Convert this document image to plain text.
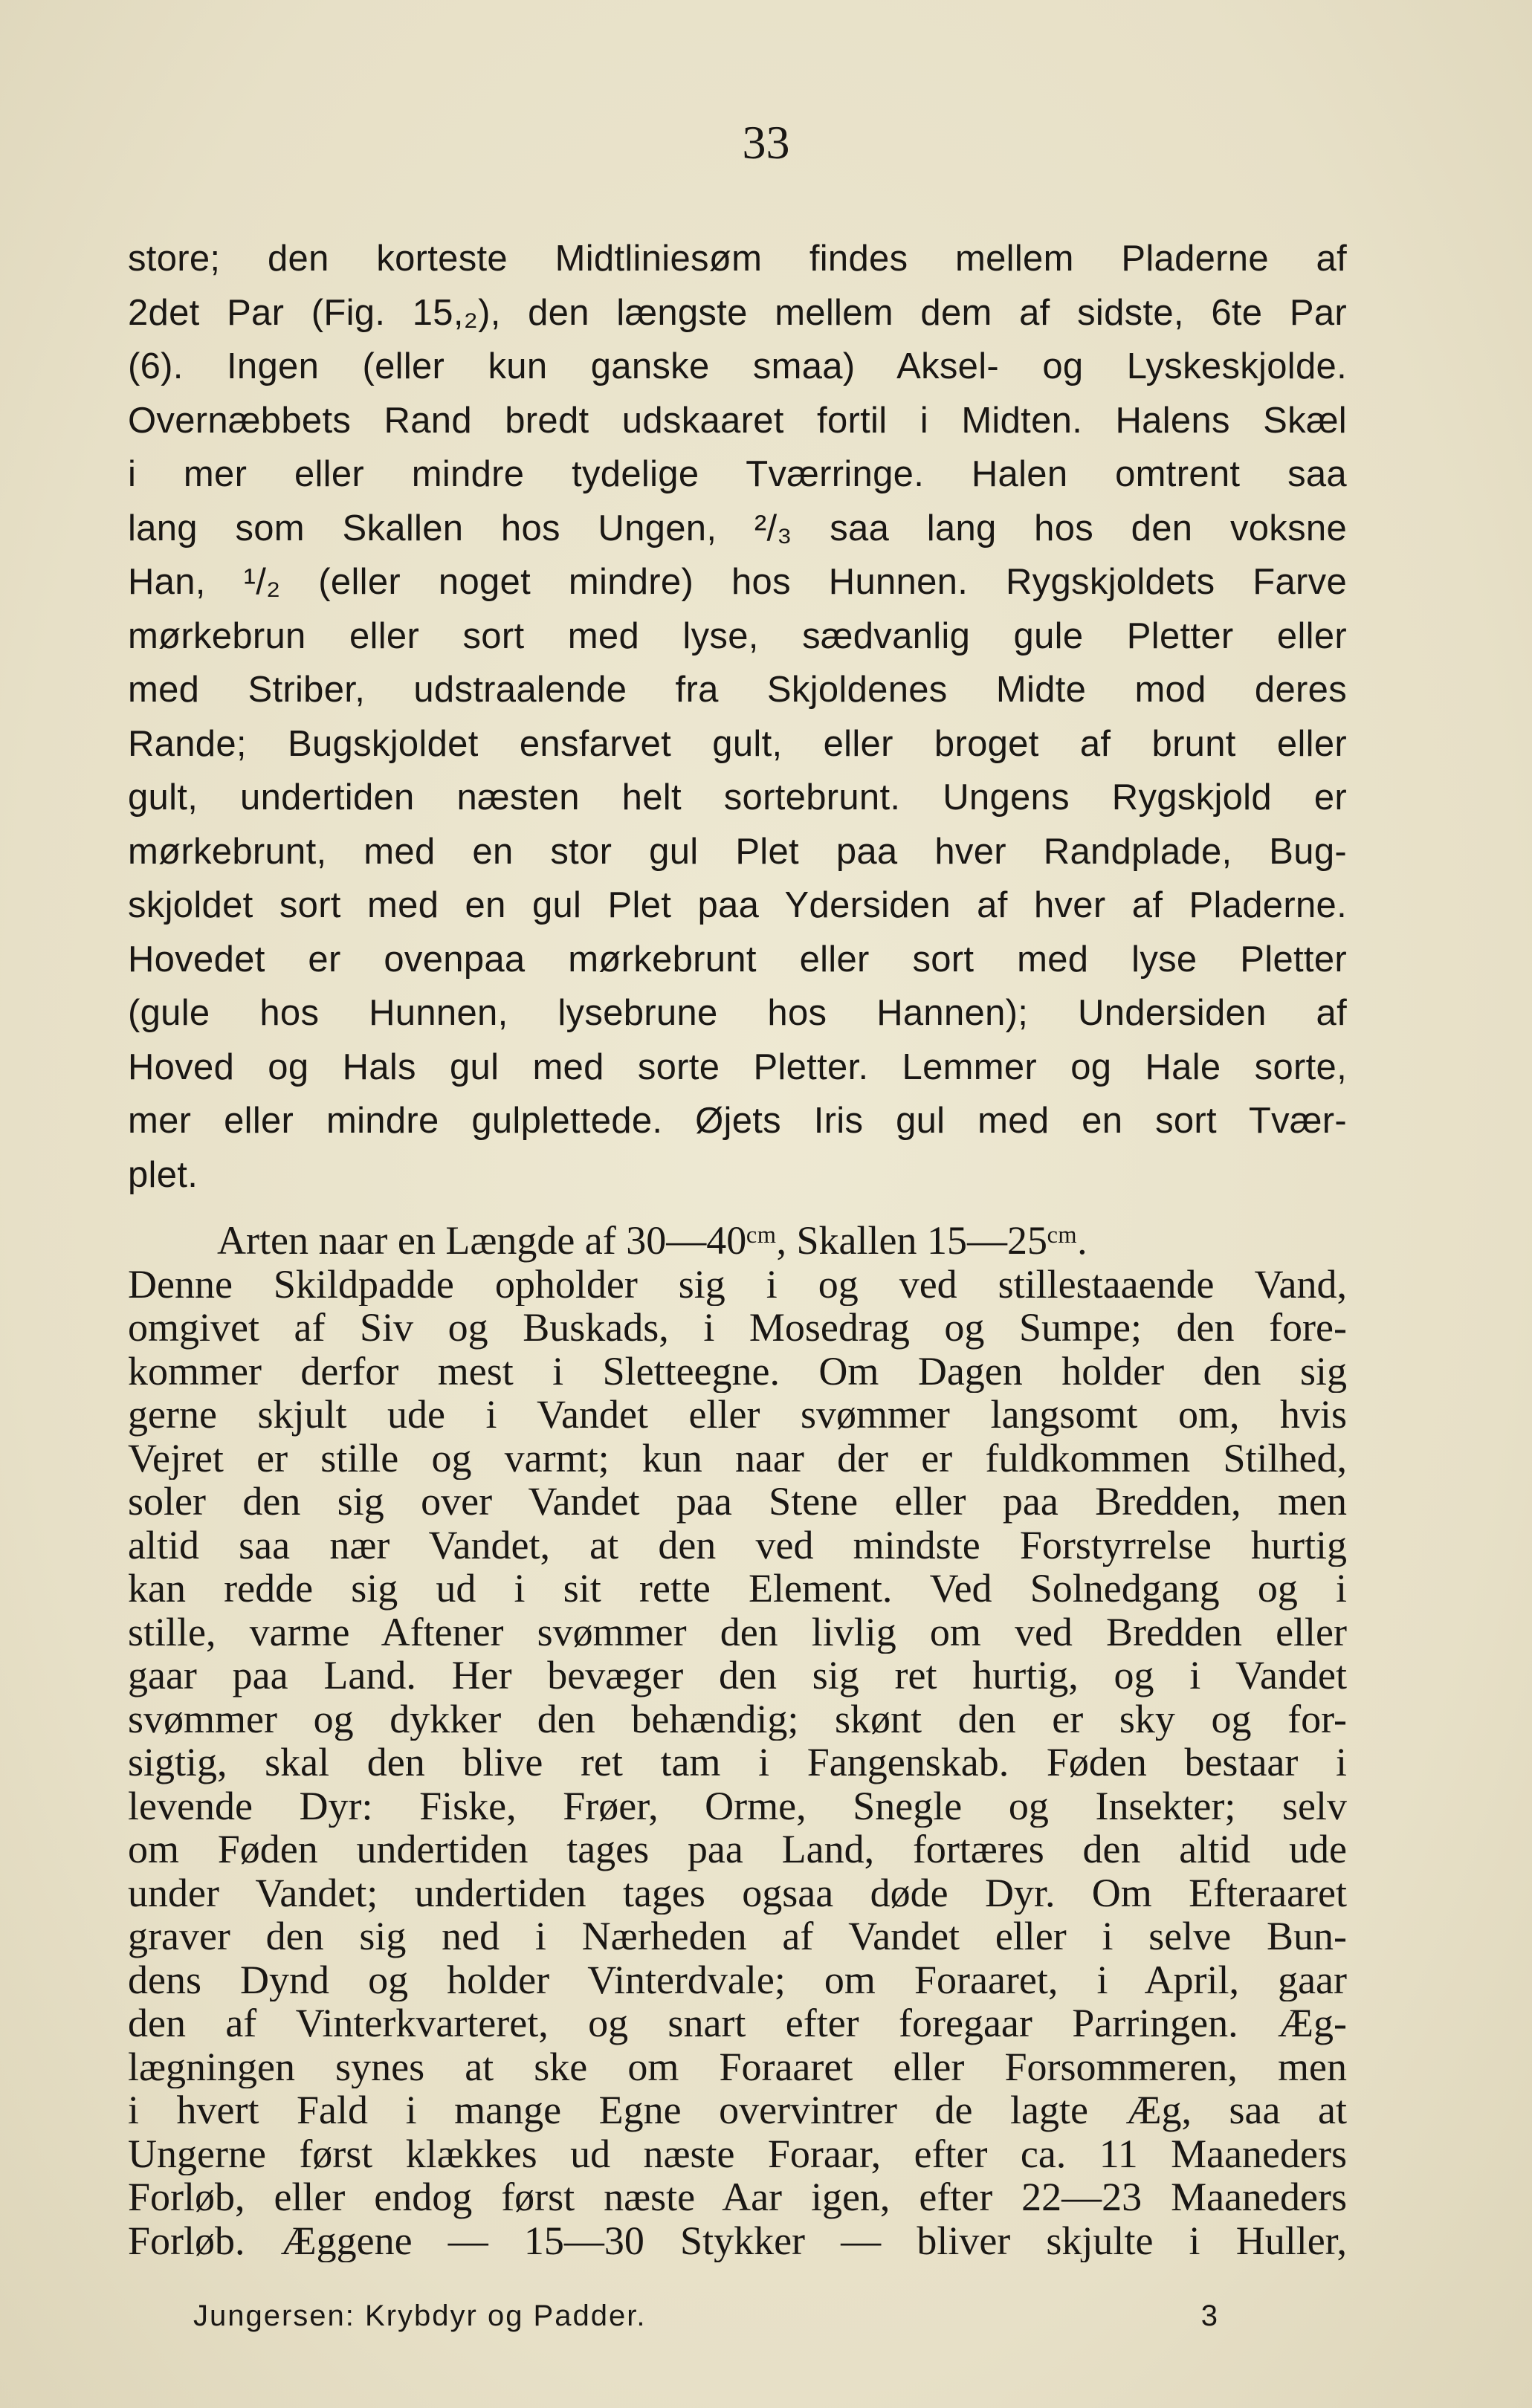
33
store; den korteste Midtliniesøm findes mellem Pladerne af
2det Par (Fig. 15,₂), den længste mellem dem af sidste, 6te Par
(6). Ingen (eller kun ganske smaa) Aksel- og Lyskeskjolde.
Overnæbbets Rand bredt udskaaret fortil i Midten. Halens Skæl
i mer eller mindre tydelige Tværringe. Halen omtrent saa
lang som Skallen hos Ungen, ²/₃ saa lang hos den voksne
Han, ¹/₂ (eller noget mindre) hos Hunnen. Rygskjoldets Farve
mørkebrun eller sort med lyse, sædvanlig gule Pletter eller
med Striber, udstraalende fra Skjoldenes Midte mod deres
Rande; Bugskjoldet ensfarvet gult, eller broget af brunt eller
gult, undertiden næsten helt sortebrunt. Ungens Rygskjold er
mørkebrunt, med en stor gul Plet paa hver Randplade, Bug-
skjoldet sort med en gul Plet paa Ydersiden af hver af Pladerne.
Hovedet er ovenpaa mørkebrunt eller sort med lyse Pletter
(gule hos Hunnen, lysebrune hos Hannen); Undersiden af
Hoved og Hals gul med sorte Pletter. Lemmer og Hale sorte,
mer eller mindre gulplettede. Øjets Iris gul med en sort Tvær-
plet.
Arten naar en Længde af 30—40ᶜᵐ, Skallen 15—25ᶜᵐ.
Denne Skildpadde opholder sig i og ved stillestaaende Vand,
omgivet af Siv og Buskads, i Mosedrag og Sumpe; den fore-
kommer derfor mest i Sletteegne. Om Dagen holder den sig
gerne skjult ude i Vandet eller svømmer langsomt om, hvis
Vejret er stille og varmt; kun naar der er fuldkommen Stilhed,
soler den sig over Vandet paa Stene eller paa Bredden, men
altid saa nær Vandet, at den ved mindste Forstyrrelse hurtig
kan redde sig ud i sit rette Element. Ved Solnedgang og i
stille, varme Aftener svømmer den livlig om ved Bredden eller
gaar paa Land. Her bevæger den sig ret hurtig, og i Vandet
svømmer og dykker den behændig; skønt den er sky og for-
sigtig, skal den blive ret tam i Fangenskab. Føden bestaar i
levende Dyr: Fiske, Frøer, Orme, Snegle og Insekter; selv
om Føden undertiden tages paa Land, fortæres den altid ude
under Vandet; undertiden tages ogsaa døde Dyr. Om Efteraaret
graver den sig ned i Nærheden af Vandet eller i selve Bun-
dens Dynd og holder Vinterdvale; om Foraaret, i April, gaar
den af Vinterkvarteret, og snart efter foregaar Parringen. Æg-
lægningen synes at ske om Foraaret eller Forsommeren, men
i hvert Fald i mange Egne overvintrer de lagte Æg, saa at
Ungerne først klækkes ud næste Foraar, efter ca. 11 Maaneders
Forløb, eller endog først næste Aar igen, efter 22—23 Maaneders
Forløb. Æggene — 15—30 Stykker — bliver skjulte i Huller,
Jungersen: Krybdyr og Padder.	3
